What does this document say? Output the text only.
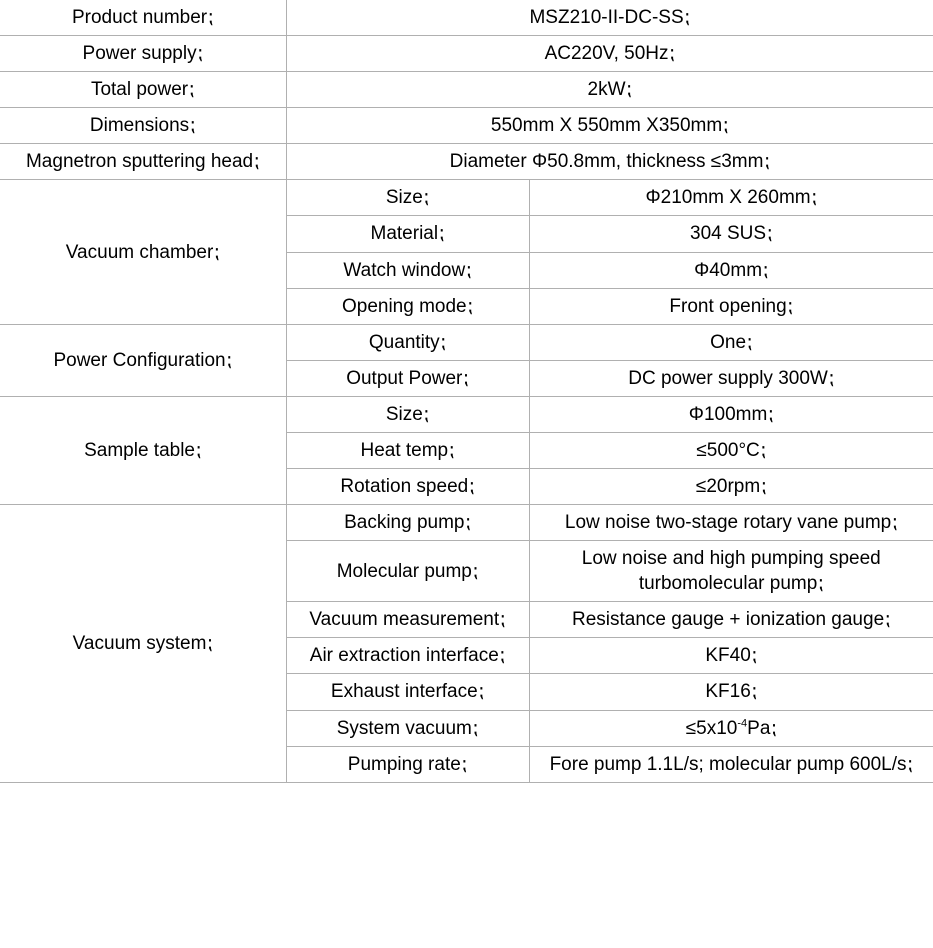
Product number⁏	MSZ210-II-DC-SS⁏	
Power supply⁏	AC220V, 50Hz⁏	
Total power⁏	2kW⁏	
Dimensions⁏	550mm X 550mm X350mm⁏	
Magnetron sputtering head⁏	Diameter Φ50.8mm, thickness ≤3mm⁏	
Vacuum chamber⁏	Size⁏	Φ210mm X 260mm⁏
	Material⁏	304 SUS⁏
	Watch window⁏	Φ40mm⁏
	Opening mode⁏	Front opening⁏
Power Configuration⁏	Quantity⁏	One⁏
	Output Power⁏	DC power supply 300W⁏
Sample table⁏	Size⁏	Φ100mm⁏
	Heat temp⁏	≤500°C⁏
	Rotation speed⁏	≤20rpm⁏
Vacuum system⁏	Backing pump⁏	Low noise two-stage rotary vane pump⁏
	Molecular pump⁏	Low noise and high pumping speed turbomolecular pump⁏
	Vacuum measurement⁏	Resistance gauge + ionization gauge⁏
	Air extraction interface⁏	KF40⁏
	Exhaust interface⁏	KF16⁏
	System vacuum⁏	$\le 5x10^{-4}Pa⁏$
	Pumping rate⁏	Fore pump 1.1L/s; molecular pump 600L/s⁏
